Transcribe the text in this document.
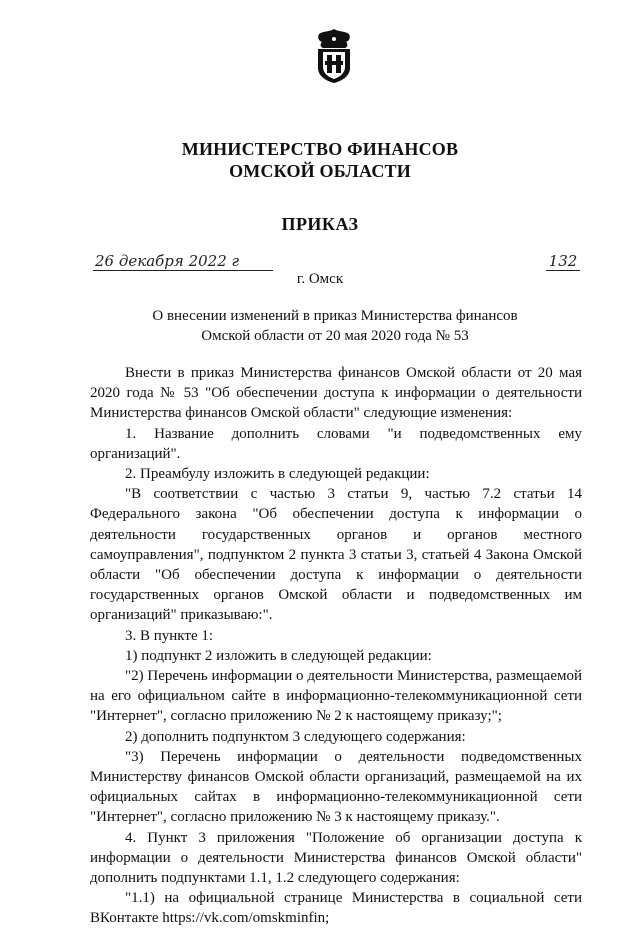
МИНИСТЕРСТВО ФИНАНСОВ
ОМСКОЙ ОБЛАСТИ
ПРИКАЗ
26 декабря 2022 г	132
г. Омск
О внесении изменений в приказ Министерства финансов
Омской области от 20 мая 2020 года № 53

Внести в приказ Министерства финансов Омской области от 20 мая 2020 года № 53 "Об обеспечении доступа к информации о деятельности Министерства финансов Омской области" следующие изменения:

1. Название дополнить словами "и подведомственных ему организаций".

2. Преамбулу изложить в следующей редакции:

"В соответствии с частью 3 статьи 9, частью 7.2 статьи 14 Федерального закона "Об обеспечении доступа к информации о деятельности государственных органов и органов местного самоуправления", подпунктом 2 пункта 3 статьи 3, статьей 4 Закона Омской области "Об обеспечении доступа к информации о деятельности государственных органов Омской области и подведомственных им организаций" приказываю:".

3. В пункте 1:

1) подпункт 2 изложить в следующей редакции:

"2) Перечень информации о деятельности Министерства, размещаемой на его официальном сайте в информационно-телекоммуникационной сети "Интернет", согласно приложению № 2 к настоящему приказу;";

2) дополнить подпунктом 3 следующего содержания:

"3) Перечень информации о деятельности подведомственных Министерству финансов Омской области организаций, размещаемой на их официальных сайтах в информационно-телекоммуникационной сети "Интернет", согласно приложению № 3 к настоящему приказу.".

4. Пункт 3 приложения "Положение об организации доступа к информации о деятельности Министерства финансов Омской области" дополнить подпунктами 1.1, 1.2 следующего содержания:

"1.1) на официальной странице Министерства в социальной сети ВКонтакте https://vk.com/omskminfin;
